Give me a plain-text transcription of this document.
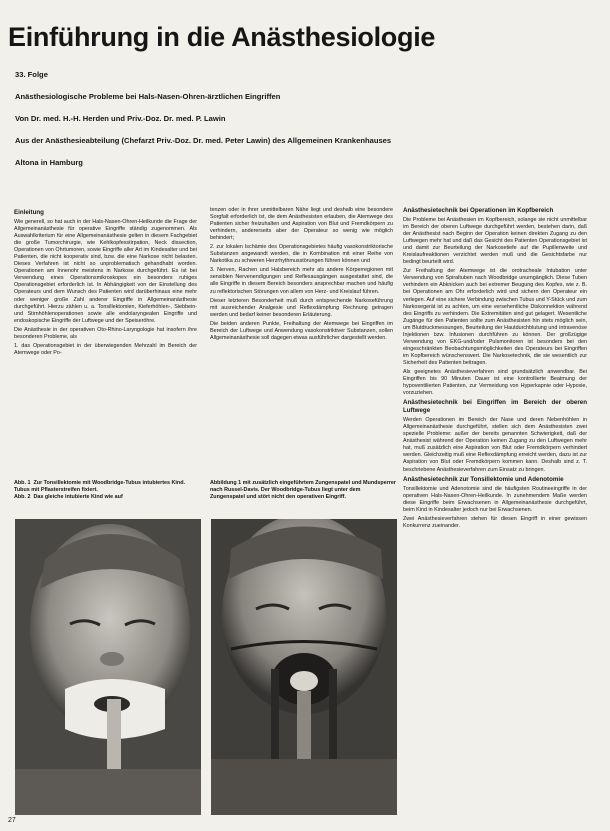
Einführung in die Anästhesiologie
33. Folge
Anästhesiologische Probleme bei Hals-Nasen-Ohren-ärztlichen Eingriffen
Von Dr. med. H.-H. Herden und Priv.-Doz. Dr. med. P. Lawin
Aus der Anästhesieabteilung (Chefarzt Priv.-Doz. Dr. med. Peter Lawin) des Allgemeinen Krankenhauses
Altona in Hamburg
Einleitung

Wie generell, so hat auch in der Hals-Nasen-Ohren-Heilkunde die Frage der Allgemeinanästhesie für operative Eingriffe ständig zugenommen. Als Auswahlkriterium für eine Allgemeinanästhesie gelten in diesem Fachgebiet die große Tumorchirurgie, wie Kehlkopfexstirpation, Neck dissection, Operationen von Ohrtumoren, sowie Eingriffe aller Art im Kindesalter und bei Patienten, die nicht kooperativ sind, bzw. die eine Narkose nicht belasten. Dieses Verfahren ist nicht so unproblematisch gehandhabt worden. Operationen am Innenohr meistens in Narkose durchgeführt. Es ist bei Verwendung eines Operationsmikroskopes ein besonders ruhiges Operationsgebiet erforderlich ist. In Abhängigkeit von der Einstellung des Operateurs und dem Wunsch des Patienten wird darüberhinaus eine mehr oder weniger große Zahl anderer Eingriffe in Allgemeinanästhesie durchgeführt. Hierzu zählen u. a. Tonsillektomien, Kieferhöhlen-, Siebbein- und Stirnhöhlenoperationen sowie alle endolaryngealen Eingriffe und endoskopische Eingriffe der Luftwege und der Speiseröhre.

Die Anästhesie in der operativen Oto-Rhino-Laryngologie hat insofern ihre besonderen Probleme, als

1. das Operationsgebiet in der überwiegenden Mehrzahl im Bereich der Atemwege oder Po-

tenzen oder in ihrer unmittelbaren Nähe liegt und deshalb eine besondere Sorgfalt erforderlich ist, die dem Anästhesisten erlauben, die Atemwege des Patienten sicher freizuhalten und Aspiration von Blut und Fremdkörpern zu verhindern, andererseits aber der Operateur so wenig wie möglich behindert;

2. zur lokalen Ischämie des Operationsgebietes häufig vasokonstriktorische Substanzen angewandt werden, die in Kombination mit einer Reihe von Narkotika zu schweren Herzrhythmusstörungen führen können und

3. Nerven, Rachen und Halsbereich mehr als andere Körperregionen mit sensiblen Nervenendigungen und Reflexausgängen ausgestattet sind, die alle Eingriffe in diesem Bereich besonders ansprechbar machen und häufig zu reflektorischen Störungen von allem von Herz- und Kreislauf führen.

Dieser letzteren Besonderheit muß durch entsprechende Narkoseführung mit ausreichender Analgesie und Reflexdämpfung Rechnung getragen werden und bedarf keiner besonderen Erläuterung.

Die beiden anderen Punkte, Freihaltung der Atemwege bei Eingriffen im Bereich der Luftwege und Anwendung vasokonstriktiver Substanzen, sollen Allgemeinanästhesie soll dagegen etwas ausführlicher dargestellt werden.

Anästhesietechnik bei Operationen im Kopfbereich

Die Probleme bei Anästhesien im Kopfbereich, solange sie nicht unmittelbar im Bereich der oberen Luftwege durchgeführt werden, bestehen darin, daß der Anästhesist nach Beginn der Operation keinen direkten Zugang zu den Luftwegen mehr hat und daß das Gesicht des Patienten Operationsgebiet ist und damit zur Beurteilung der Narkosetiefe auf die Pupillenweite und Kreislaufreaktionen verzichtet werden muß und die Gesichtsfarbe nur bedingt beurteilt wird.

Zur Freihaltung der Atemwege ist die orotracheale Intubation unter Verwendung von Spiraltuben nach Woodbridge unumgänglich. Diese Tuben verhindern ein Abknicken auch bei extremer Beugung des Kopfes, wie z. B. bei Operationen am Ohr erforderlich wird und sichern den Operateur ein verlegen. Auf eine sichere Verbindung zwischen Tubus und Y-Stück und zum Narkosegerät ist zu achten, um eine versehentliche Diskonnektion während des Eingriffs zu verhindern. Die Extremitäten sind gut gelagert. Wesentliche Zugänge für den Patienten sollte zum Anästhesisten hin stets möglich sein, um Blutdruckmessungen, Beurteilung der Hautdurchblutung und intravenöse Injektionen bzw. Infusionen durchführen zu können. Der großzügige Verwendung von EKG-und/oder Pulsmonitoren ist besonders bei den eingeschränkten Beobachtungsmöglichkeiten des Operateurs bei Eingriffen im Kopfbereich wünschenswert. Die Narkosetechnik, die sie wesentlich zur Sicherheit des Patienten beitragen.

Als geeignetes Anästhesieverfahren sind grundsätzlich anwendbar. Bei Eingriffen bis 90 Minuten Dauer ist eine kontrollierte Beatmung der hypoventilierten Patienten, zur Vermeidung von Hyperkapnie oder Hypoxie, vorzuziehen.

Anästhesietechnik bei Eingriffen im Bereich der oberen Luftwege

Werden Operationen im Bereich der Nase und deren Nebenhöhlen in Allgemeinanästhesie durchgeführt, stellen sich dem Anästhesisten zwei spezielle Probleme: außer der bereits genannten Schwierigkeit, daß der Anästhesist während der Operation keinen Zugang zu den Luftwegen mehr hat, muß zusätzlich eine Aspiration von Blut oder Fremdkörpern verhindert werden. Gleichzeitig muß eine Reflexdämpfung erreicht werden, dazu ist zur Aspiration von Blut oder Fremdkörpern kommen kann. Deshalb sind z. T. beschriebene Anästhesieverfahren zum Einsatz zu bringen.

Anästhesietechnik zur Tonsillektomie und Adenotomie

Tonsillektomie und Adenotomie sind die häufigsten Routineeingriffe in der operativen Hals-Nasen-Ohren-Heilkunde. In zunehmendem Maße werden diese Eingriffe beim Erwachsenen in Allgemeinanästhesie durchgeführt, beim Kind in Kindesalter jedoch nur bei Erwachsenen.

Zwei Anästhesieverfahren stehen für diesen Eingriff in einer gewissen Konkurrenz zueinander.

Abb. 1 Zur Tonsillektomie mit Woodbridge-Tubus intubiertes Kind. Tubus mit Pflasterstreifen fixiert.

Abb. 2 Das gleiche intubierte Kind wie auf

Abbildung 1 mit zusätzlich eingeführtem Zungenspatel und Mundsperrer nach Russel-Davis. Der Woodbridge-Tubus liegt unter dem Zungenspatel und stört nicht den operativen Eingriff.

27
